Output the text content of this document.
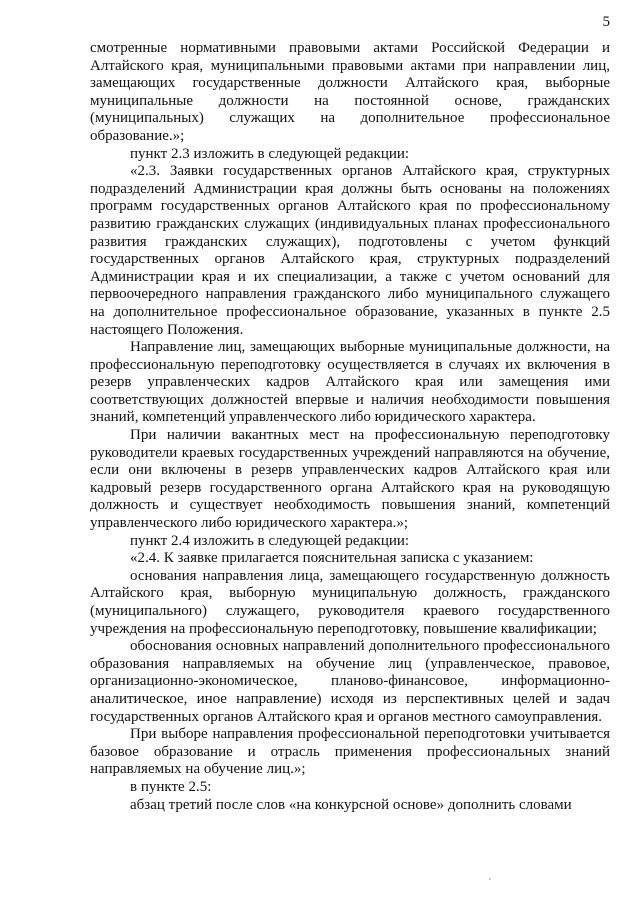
5

смотренные нормативными правовыми актами Российской Федерации и Алтайского края, муниципальными правовыми актами при направлении лиц, замещающих государственные должности Алтайского края, выборные муниципальные должности на постоянной основе, гражданских (муниципальных) служащих на дополнительное профессиональное образование.»;

пункт 2.3 изложить в следующей редакции:

«2.3. Заявки государственных органов Алтайского края, структурных подразделений Администрации края должны быть основаны на положениях программ государственных органов Алтайского края по профессиональному развитию гражданских служащих (индивидуальных планах профессионального развития гражданских служащих), подготовлены с учетом функций государственных органов Алтайского края, структурных подразделений Администрации края и их специализации, а также с учетом оснований для первоочередного направления гражданского либо муниципального служащего на дополнительное профессиональное образование, указанных в пункте 2.5 настоящего Положения.

Направление лиц, замещающих выборные муниципальные должности, на профессиональную переподготовку осуществляется в случаях их включения в резерв управленческих кадров Алтайского края или замещения ими соответствующих должностей впервые и наличия необходимости повышения знаний, компетенций управленческого либо юридического характера.

При наличии вакантных мест на профессиональную переподготовку руководители краевых государственных учреждений направляются на обучение, если они включены в резерв управленческих кадров Алтайского края или кадровый резерв государственного органа Алтайского края на руководящую должность и существует необходимость повышения знаний, компетенций управленческого либо юридического характера.»;

пункт 2.4 изложить в следующей редакции:

«2.4. К заявке прилагается пояснительная записка с указанием:

основания направления лица, замещающего государственную должность Алтайского края, выборную муниципальную должность, гражданского (муниципального) служащего, руководителя краевого государственного учреждения на профессиональную переподготовку, повышение квалификации;

обоснования основных направлений дополнительного профессионального образования направляемых на обучение лиц (управленческое, правовое, организационно-экономическое, планово-финансовое, информационно-аналитическое, иное направление) исходя из перспективных целей и задач государственных органов Алтайского края и органов местного самоуправления.

При выборе направления профессиональной переподготовки учитывается базовое образование и отрасль применения профессиональных знаний направляемых на обучение лиц.»;

в пункте 2.5:

абзац третий после слов «на конкурсной основе» дополнить словами
